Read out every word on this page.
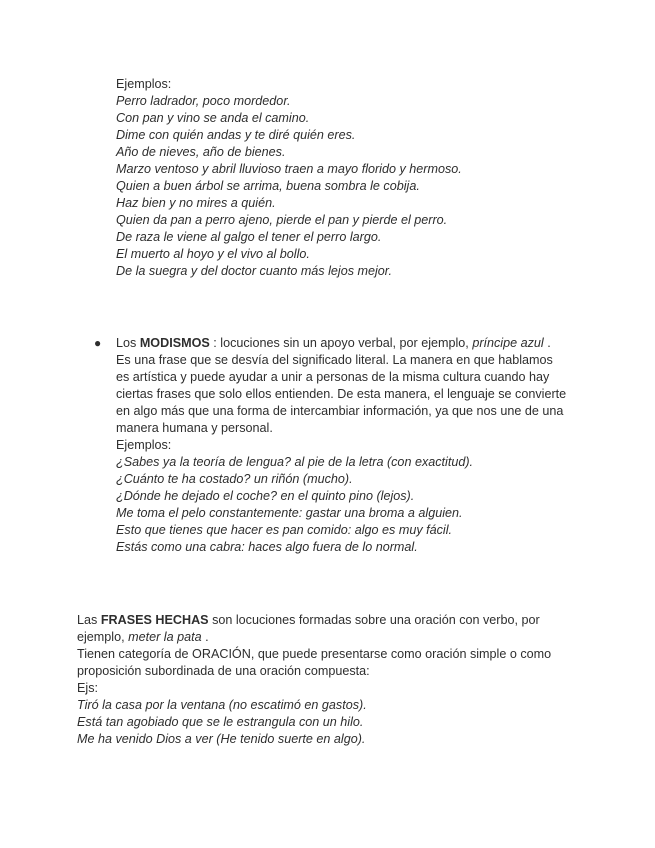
Ejemplos:
Perro ladrador, poco mordedor.
Con pan y vino se anda el camino.
Dime con quién andas y te diré quién eres.
Año de nieves, año de bienes.
Marzo ventoso y abril lluvioso traen a mayo florido y hermoso.
Quien a buen árbol se arrima, buena sombra le cobija.
Haz bien y no mires a quién.
Quien da pan a perro ajeno, pierde el pan y pierde el perro.
De raza le viene al galgo el tener el perro largo.
El muerto al hoyo y el vivo al bollo.
De la suegra y del doctor cuanto más lejos mejor.
● Los MODISMOS : locuciones sin un apoyo verbal, por ejemplo, príncipe azul .
Es una frase que se desvía del significado literal. La manera en que hablamos
es artística y puede ayudar a unir a personas de la misma cultura cuando hay
ciertas frases que solo ellos entienden. De esta manera, el lenguaje se convierte
en algo más que una forma de intercambiar información, ya que nos une de una
manera humana y personal.
Ejemplos:
¿Sabes ya la teoría de lengua? al pie de la letra (con exactitud).
¿Cuánto te ha costado? un riñón (mucho).
¿Dónde he dejado el coche? en el quinto pino (lejos).
Me toma el pelo constantemente: gastar una broma a alguien.
Esto que tienes que hacer es pan comido: algo es muy fácil.
Estás como una cabra: haces algo fuera de lo normal.
Las FRASES HECHAS son locuciones formadas sobre una oración con verbo, por
ejemplo, meter la pata .
Tienen categoría de ORACIÓN, que puede presentarse como oración simple o como
proposición subordinada de una oración compuesta:
Ejs:
Tiró la casa por la ventana (no escatimó en gastos).
Está tan agobiado que se le estrangula con un hilo.
Me ha venido Dios a ver (He tenido suerte en algo).
